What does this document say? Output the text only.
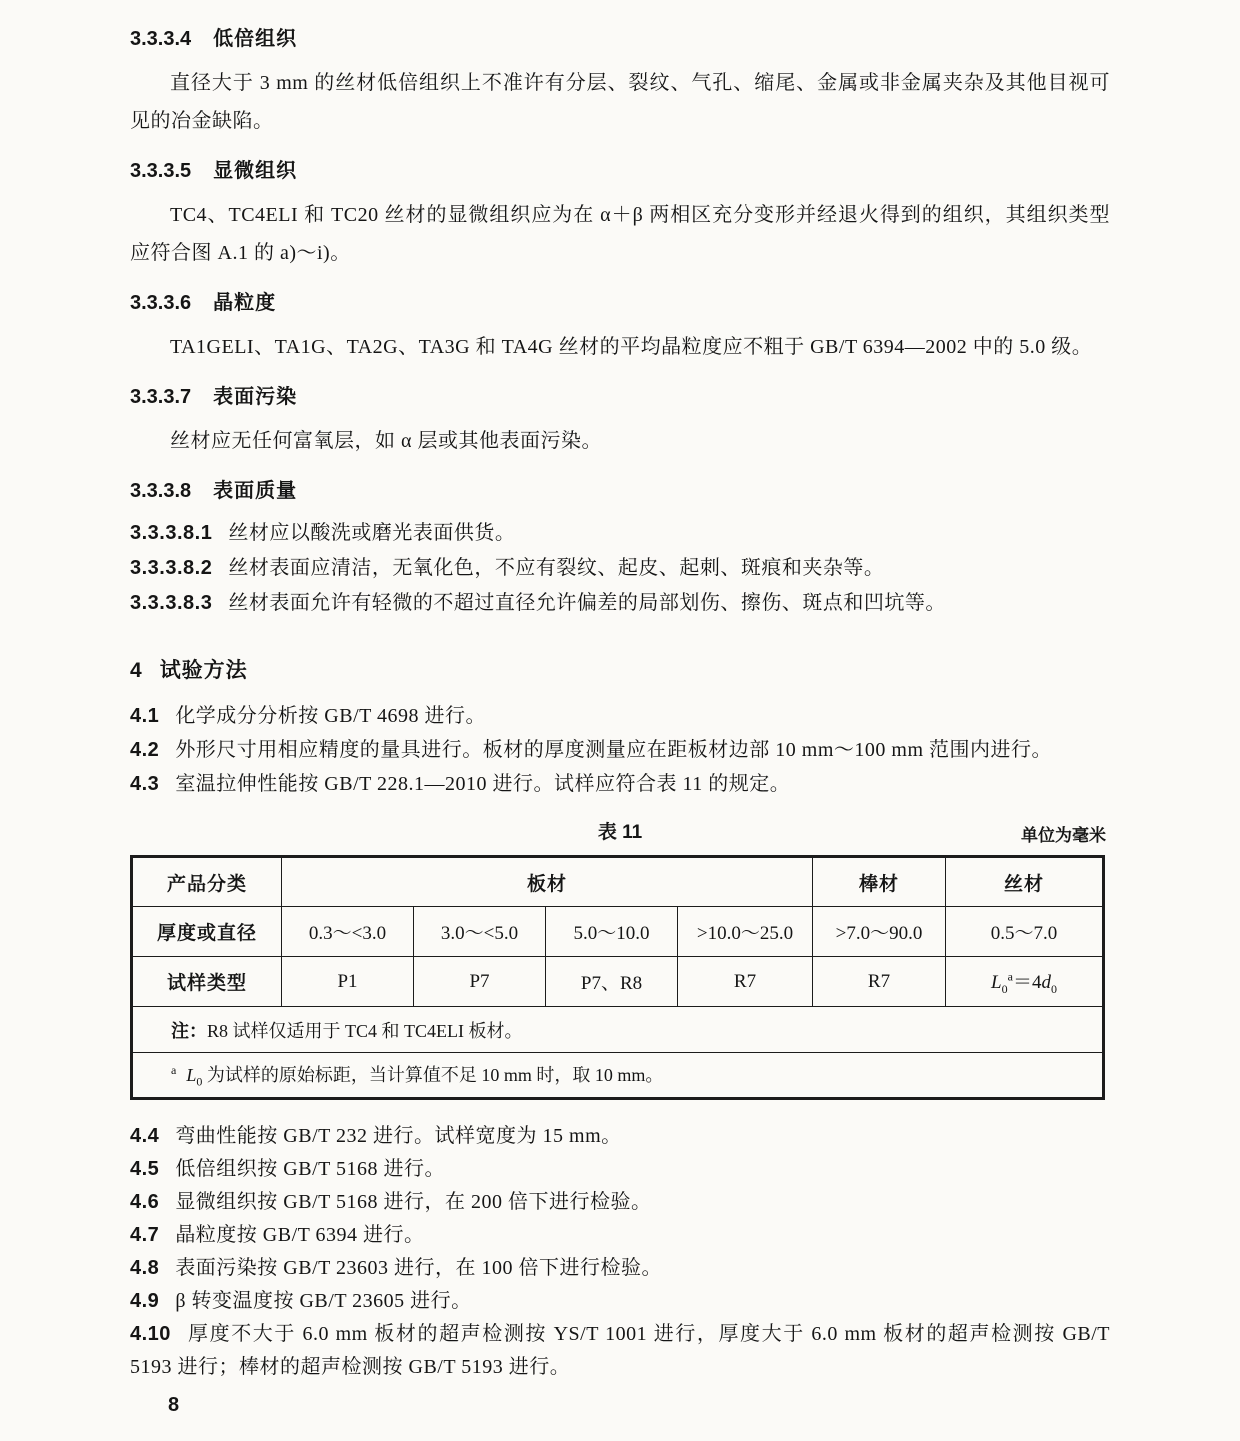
3.3.3.4 低倍组织

直径大于 3 mm 的丝材低倍组织上不准许有分层、裂纹、气孔、缩尾、金属或非金属夹杂及其他目视可见的冶金缺陷。

3.3.3.5 显微组织

TC4、TC4ELI 和 TC20 丝材的显微组织应为在 α＋β 两相区充分变形并经退火得到的组织，其组织类型应符合图 A.1 的 a)～i)。

3.3.3.6 晶粒度

TA1GELI、TA1G、TA2G、TA3G 和 TA4G 丝材的平均晶粒度应不粗于 GB/T 6394—2002 中的 5.0 级。

3.3.3.7 表面污染

丝材应无任何富氧层，如 α 层或其他表面污染。

3.3.3.8 表面质量

3.3.3.8.1 丝材应以酸洗或磨光表面供货。

3.3.3.8.2 丝材表面应清洁，无氧化色，不应有裂纹、起皮、起刺、斑痕和夹杂等。

3.3.3.8.3 丝材表面允许有轻微的不超过直径允许偏差的局部划伤、擦伤、斑点和凹坑等。

4 试验方法

4.1 化学成分分析按 GB/T 4698 进行。

4.2 外形尺寸用相应精度的量具进行。板材的厚度测量应在距板材边部 10 mm～100 mm 范围内进行。

4.3 室温拉伸性能按 GB/T 228.1—2010 进行。试样应符合表 11 的规定。

表 11	单位为毫米
产品分类	板材				棒材	丝材
厚度或直径	0.3～<3.0	3.0～<5.0	5.0～10.0	>10.0～25.0	>7.0～90.0	0.5～7.0
试样类型	P1	P7	P7、R8	R7	R7	$L_0^a=4d_0$
注：R8 试样仅适用于 TC4 和 TC4ELI 板材。						
$^a$ $L_0$ 为试样的原始标距，当计算值不足 10 mm 时，取 10 mm。						

4.4 弯曲性能按 GB/T 232 进行。试样宽度为 15 mm。

4.5 低倍组织按 GB/T 5168 进行。

4.6 显微组织按 GB/T 5168 进行，在 200 倍下进行检验。

4.7 晶粒度按 GB/T 6394 进行。

4.8 表面污染按 GB/T 23603 进行，在 100 倍下进行检验。

4.9 β 转变温度按 GB/T 23605 进行。

4.10 厚度不大于 6.0 mm 板材的超声检测按 YS/T 1001 进行，厚度大于 6.0 mm 板材的超声检测按 GB/T 5193 进行；棒材的超声检测按 GB/T 5193 进行。

8
